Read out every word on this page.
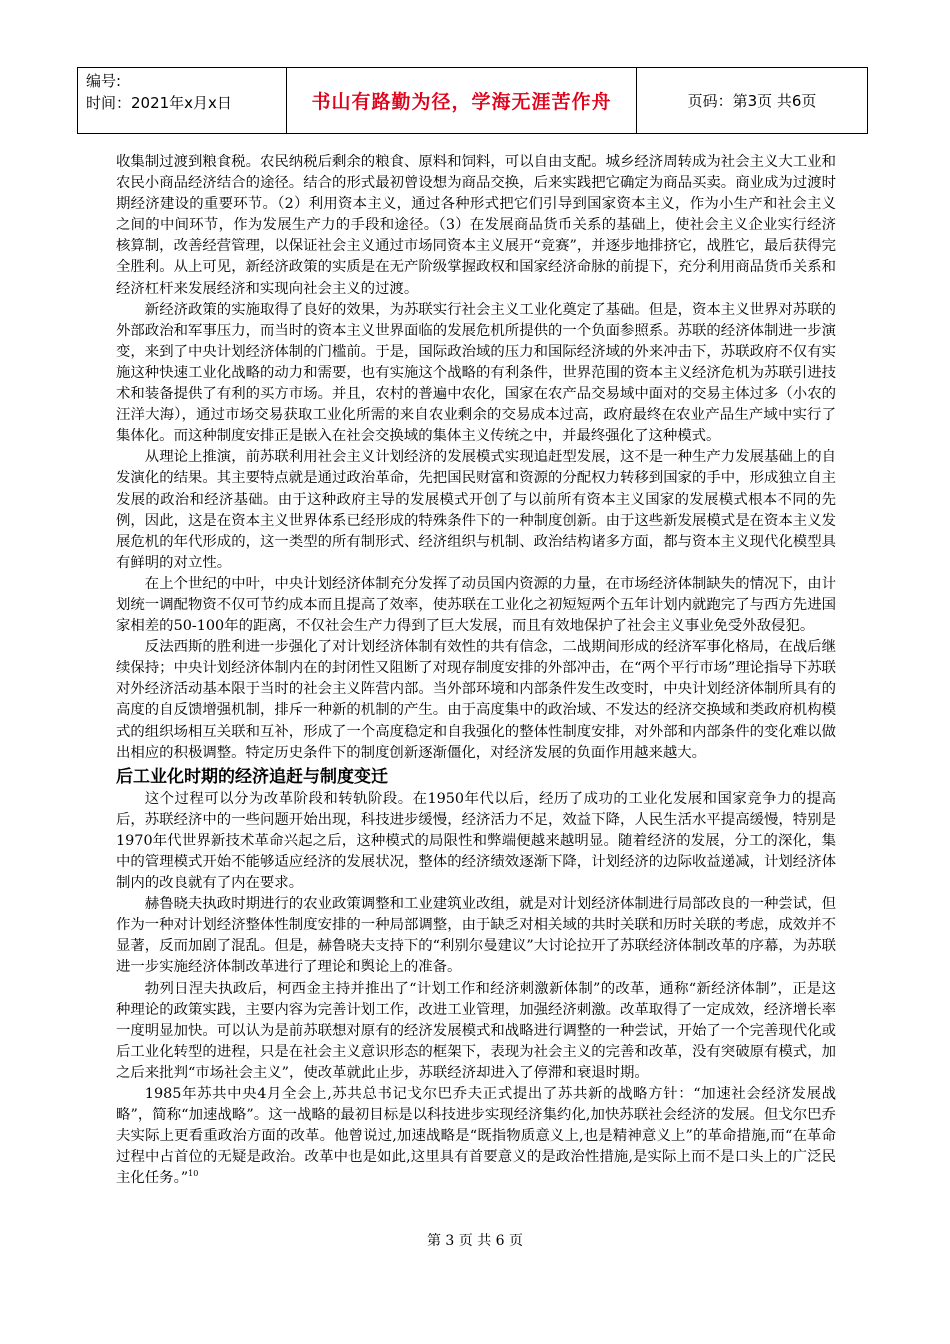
编号:
时间：2021年x月x日	书山有路勤为径，学海无涯苦作舟	页码：第3页 共6页

收集制过渡到粮食税。农民纳税后剩余的粮食、原料和饲料，可以自由支配。城乡经济周转成为社会主义大工业和农民小商品经济结合的途径。结合的形式最初曾设想为商品交换，后来实践把它确定为商品买卖。商业成为过渡时期经济建设的重要环节。（2）利用资本主义，通过各种形式把它们引导到国家资本主义，作为小生产和社会主义之间的中间环节，作为发展生产力的手段和途径。（3）在发展商品货币关系的基础上，使社会主义企业实行经济核算制，改善经营管理，以保证社会主义通过市场同资本主义展开“竞赛”，并逐步地排挤它，战胜它，最后获得完全胜利。从上可见，新经济政策的实质是在无产阶级掌握政权和国家经济命脉的前提下，充分利用商品货币关系和经济杠杆来发展经济和实现向社会主义的过渡。

新经济政策的实施取得了良好的效果，为苏联实行社会主义工业化奠定了基础。但是，资本主义世界对苏联的外部政治和军事压力，而当时的资本主义世界面临的发展危机所提供的一个负面参照系。苏联的经济体制进一步演变，来到了中央计划经济体制的门槛前。于是，国际政治域的压力和国际经济域的外来冲击下，苏联政府不仅有实施这种快速工业化战略的动力和需要，也有实施这个战略的有利条件，世界范围的资本主义经济危机为苏联引进技术和装备提供了有利的买方市场。并且，农村的普遍中农化，国家在农产品交易域中面对的交易主体过多（小农的汪洋大海），通过市场交易获取工业化所需的来自农业剩余的交易成本过高，政府最终在农业产品生产域中实行了集体化。而这种制度安排正是嵌入在社会交换域的集体主义传统之中，并最终强化了这种模式。

从理论上推演，前苏联利用社会主义计划经济的发展模式实现追赶型发展，这不是一种生产力发展基础上的自发演化的结果。其主要特点就是通过政治革命，先把国民财富和资源的分配权力转移到国家的手中，形成独立自主发展的政治和经济基础。由于这种政府主导的发展模式开创了与以前所有资本主义国家的发展模式根本不同的先例，因此，这是在资本主义世界体系已经形成的特殊条件下的一种制度创新。由于这些新发展模式是在资本主义发展危机的年代形成的，这一类型的所有制形式、经济组织与机制、政治结构诸多方面，都与资本主义现代化模型具有鲜明的对立性。

在上个世纪的中叶，中央计划经济体制充分发挥了动员国内资源的力量，在市场经济体制缺失的情况下，由计划统一调配物资不仅可节约成本而且提高了效率，使苏联在工业化之初短短两个五年计划内就跑完了与西方先进国家相差的50-100年的距离，不仅社会生产力得到了巨大发展，而且有效地保护了社会主义事业免受外敌侵犯。

反法西斯的胜利进一步强化了对计划经济体制有效性的共有信念，二战期间形成的经济军事化格局，在战后继续保持；中央计划经济体制内在的封闭性又阻断了对现存制度安排的外部冲击，在“两个平行市场”理论指导下苏联对外经济活动基本限于当时的社会主义阵营内部。当外部环境和内部条件发生改变时，中央计划经济体制所具有的高度的自反馈增强机制，排斥一种新的机制的产生。由于高度集中的政治域、不发达的经济交换域和类政府机构模式的组织场相互关联和互补，形成了一个高度稳定和自我强化的整体性制度安排，对外部和内部条件的变化难以做出相应的积极调整。特定历史条件下的制度创新逐渐僵化，对经济发展的负面作用越来越大。

后工业化时期的经济追赶与制度变迁

这个过程可以分为改革阶段和转轨阶段。在1950年代以后，经历了成功的工业化发展和国家竞争力的提高后，苏联经济中的一些问题开始出现，科技进步缓慢，经济活力不足，效益下降，人民生活水平提高缓慢，特别是1970年代世界新技术革命兴起之后，这种模式的局限性和弊端便越来越明显。随着经济的发展，分工的深化，集中的管理模式开始不能够适应经济的发展状况，整体的经济绩效逐渐下降，计划经济的边际收益递减，计划经济体制内的改良就有了内在要求。

赫鲁晓夫执政时期进行的农业政策调整和工业建筑业改组，就是对计划经济体制进行局部改良的一种尝试，但作为一种对计划经济整体性制度安排的一种局部调整，由于缺乏对相关域的共时关联和历时关联的考虑，成效并不显著，反而加剧了混乱。但是，赫鲁晓夫支持下的“利别尔曼建议”大讨论拉开了苏联经济体制改革的序幕，为苏联进一步实施经济体制改革进行了理论和舆论上的准备。

勃列日涅夫执政后，柯西金主持并推出了“计划工作和经济刺激新体制”的改革，通称“新经济体制”，正是这种理论的政策实践，主要内容为完善计划工作，改进工业管理，加强经济刺激。改革取得了一定成效，经济增长率一度明显加快。可以认为是前苏联想对原有的经济发展模式和战略进行调整的一种尝试，开始了一个完善现代化或后工业化转型的进程，只是在社会主义意识形态的框架下，表现为社会主义的完善和改革，没有突破原有模式，加之后来批判“市场社会主义”，使改革就此止步，苏联经济却进入了停滞和衰退时期。

1985年苏共中央4月全会上,苏共总书记戈尔巴乔夫正式提出了苏共新的战略方针：“加速社会经济发展战略”，简称“加速战略”。这一战略的最初目标是以科技进步实现经济集约化,加快苏联社会经济的发展。但戈尔巴乔夫实际上更看重政治方面的改革。他曾说过,加速战略是“既指物质意义上,也是精神意义上”的革命措施,而“在革命过程中占首位的无疑是政治。改革中也是如此,这里具有首要意义的是政治性措施,是实际上而不是口头上的广泛民主化任务。”$^{10}$

第 3 页 共 6 页
